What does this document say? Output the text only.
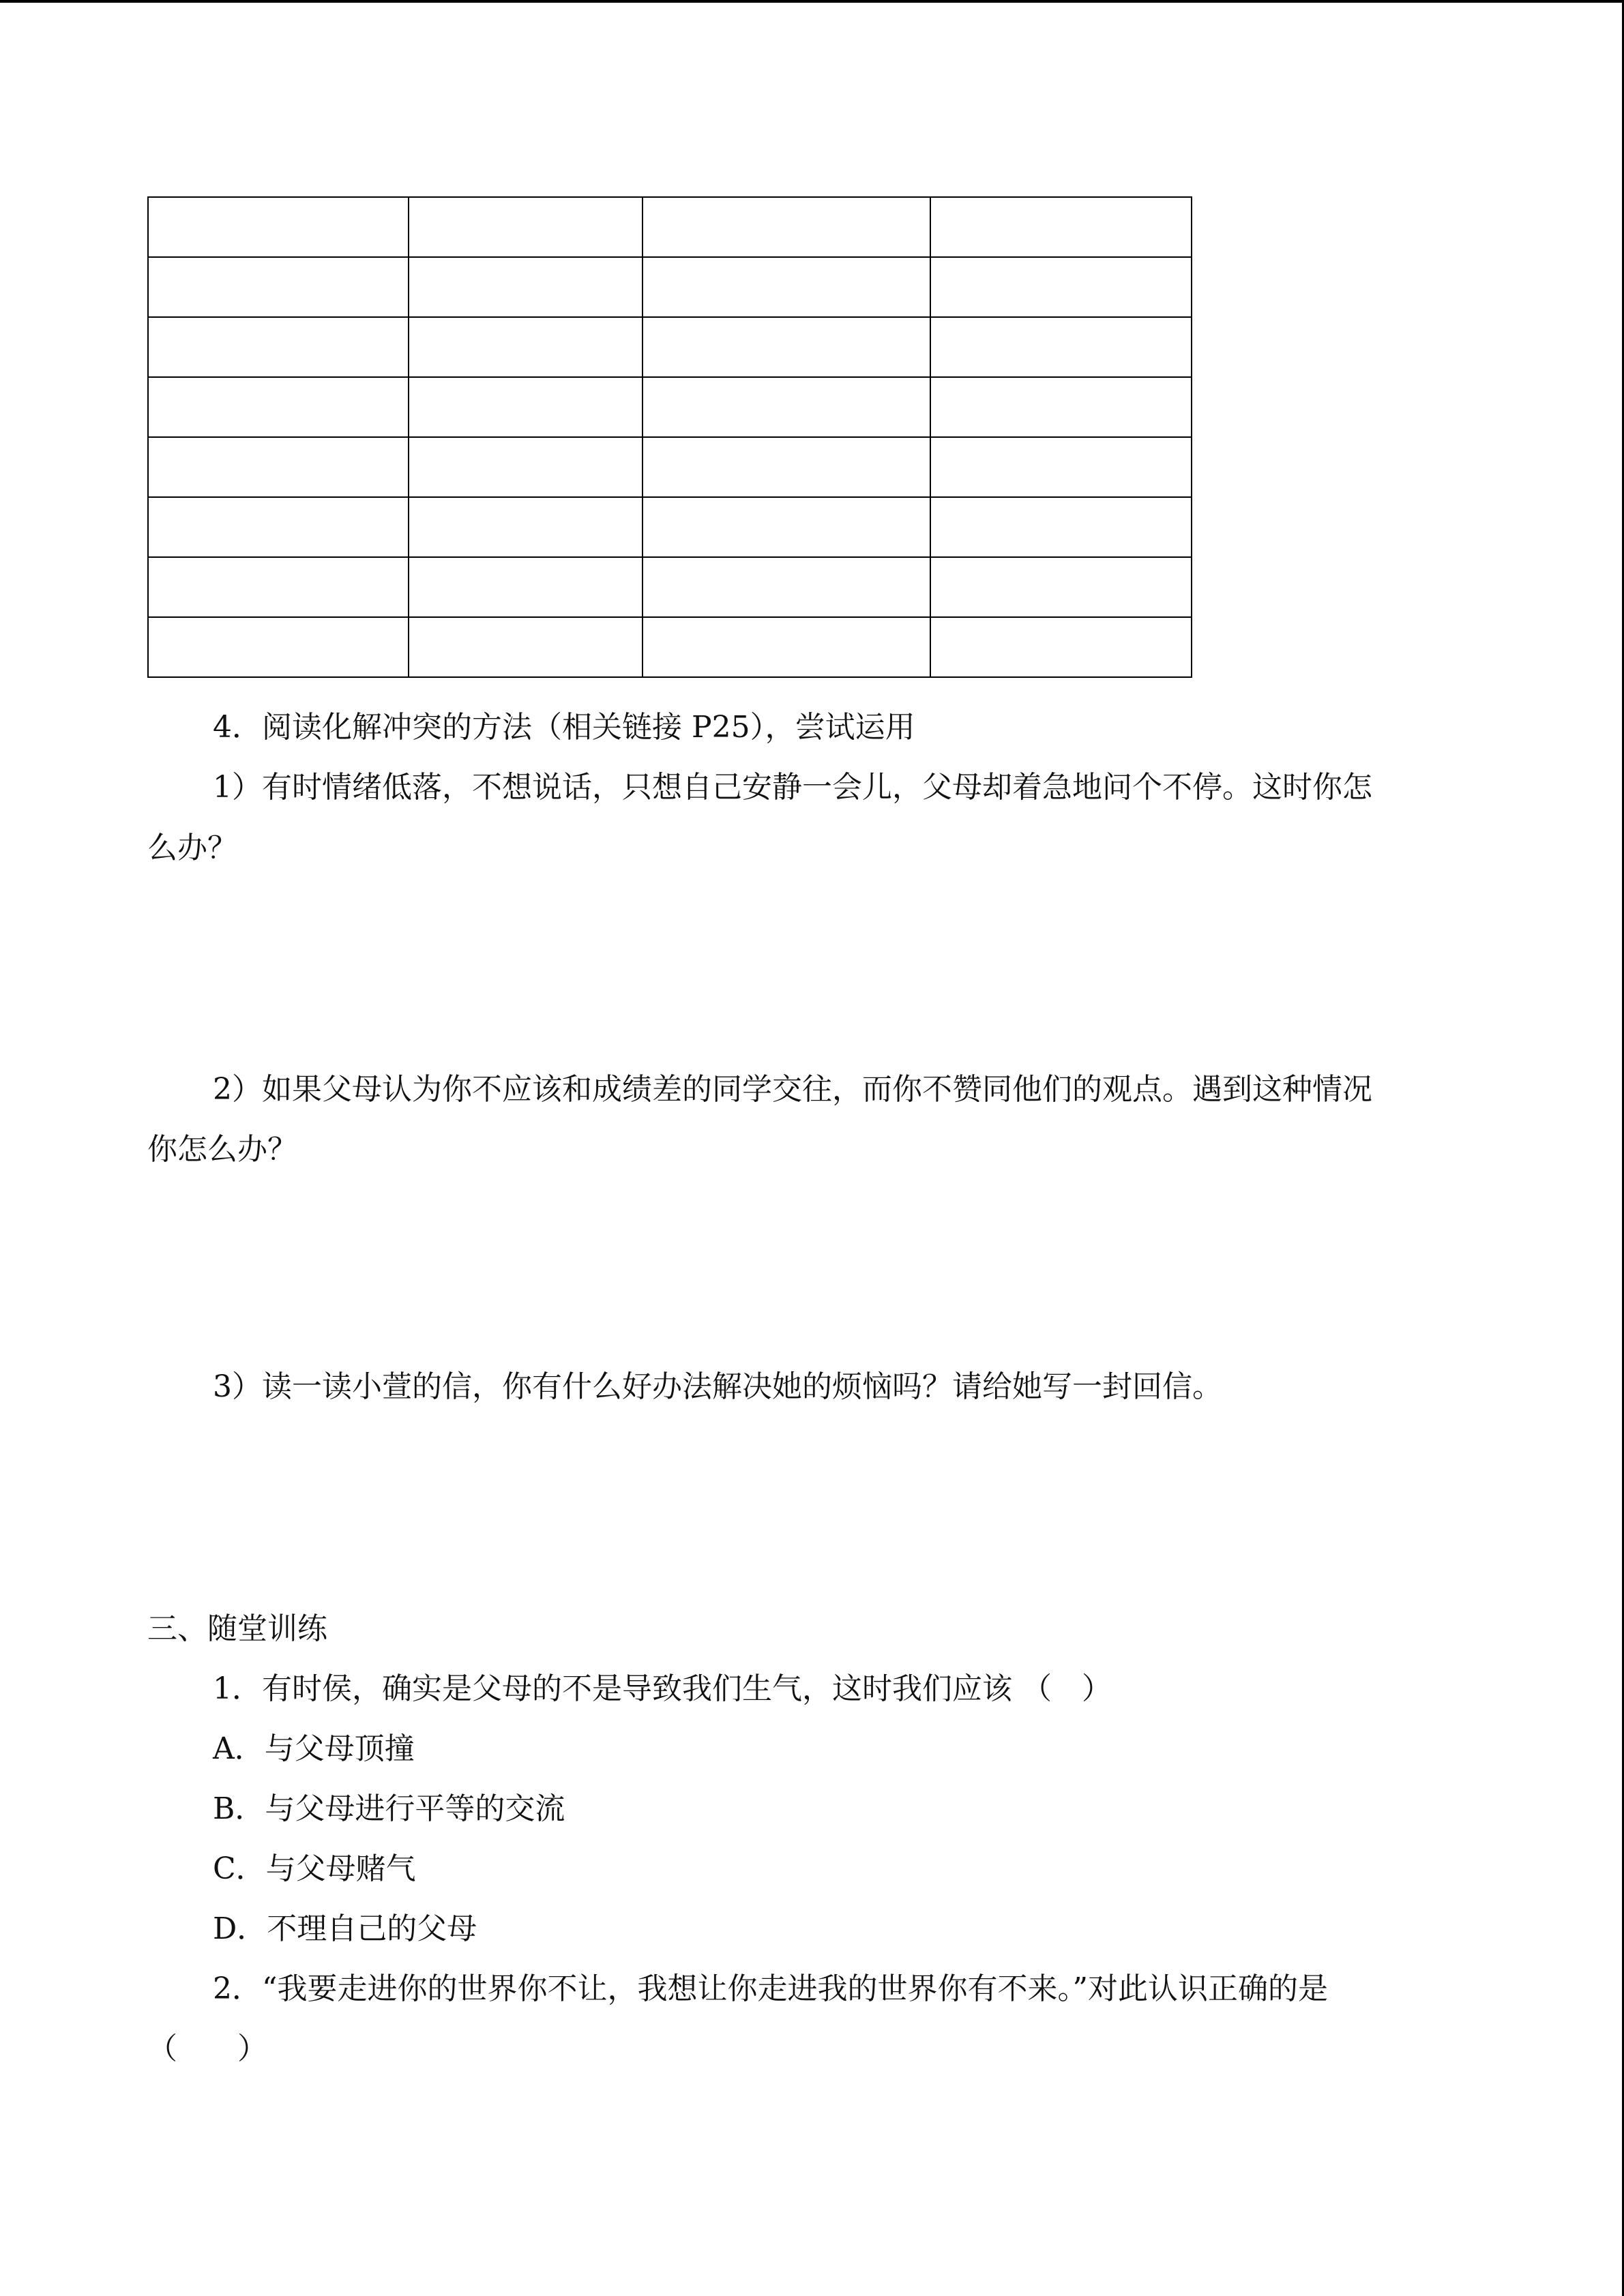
4．阅读化解冲突的方法（相关链接 P25），尝试运用
1）有时情绪低落，不想说话，只想自己安静一会儿，父母却着急地问个不停。这时你怎
么办？
2）如果父母认为你不应该和成绩差的同学交往，而你不赞同他们的观点。遇到这种情况
你怎么办？
3）读一读小萱的信，你有什么好办法解决她的烦恼吗？请给她写一封回信。
三、随堂训练
1．有时侯，确实是父母的不是导致我们生气，这时我们应该 （　）
A．与父母顶撞
B．与父母进行平等的交流
C．与父母赌气
D．不理自己的父母
2．“我要走进你的世界你不让，我想让你走进我的世界你有不来。”对此认识正确的是
（　　）
